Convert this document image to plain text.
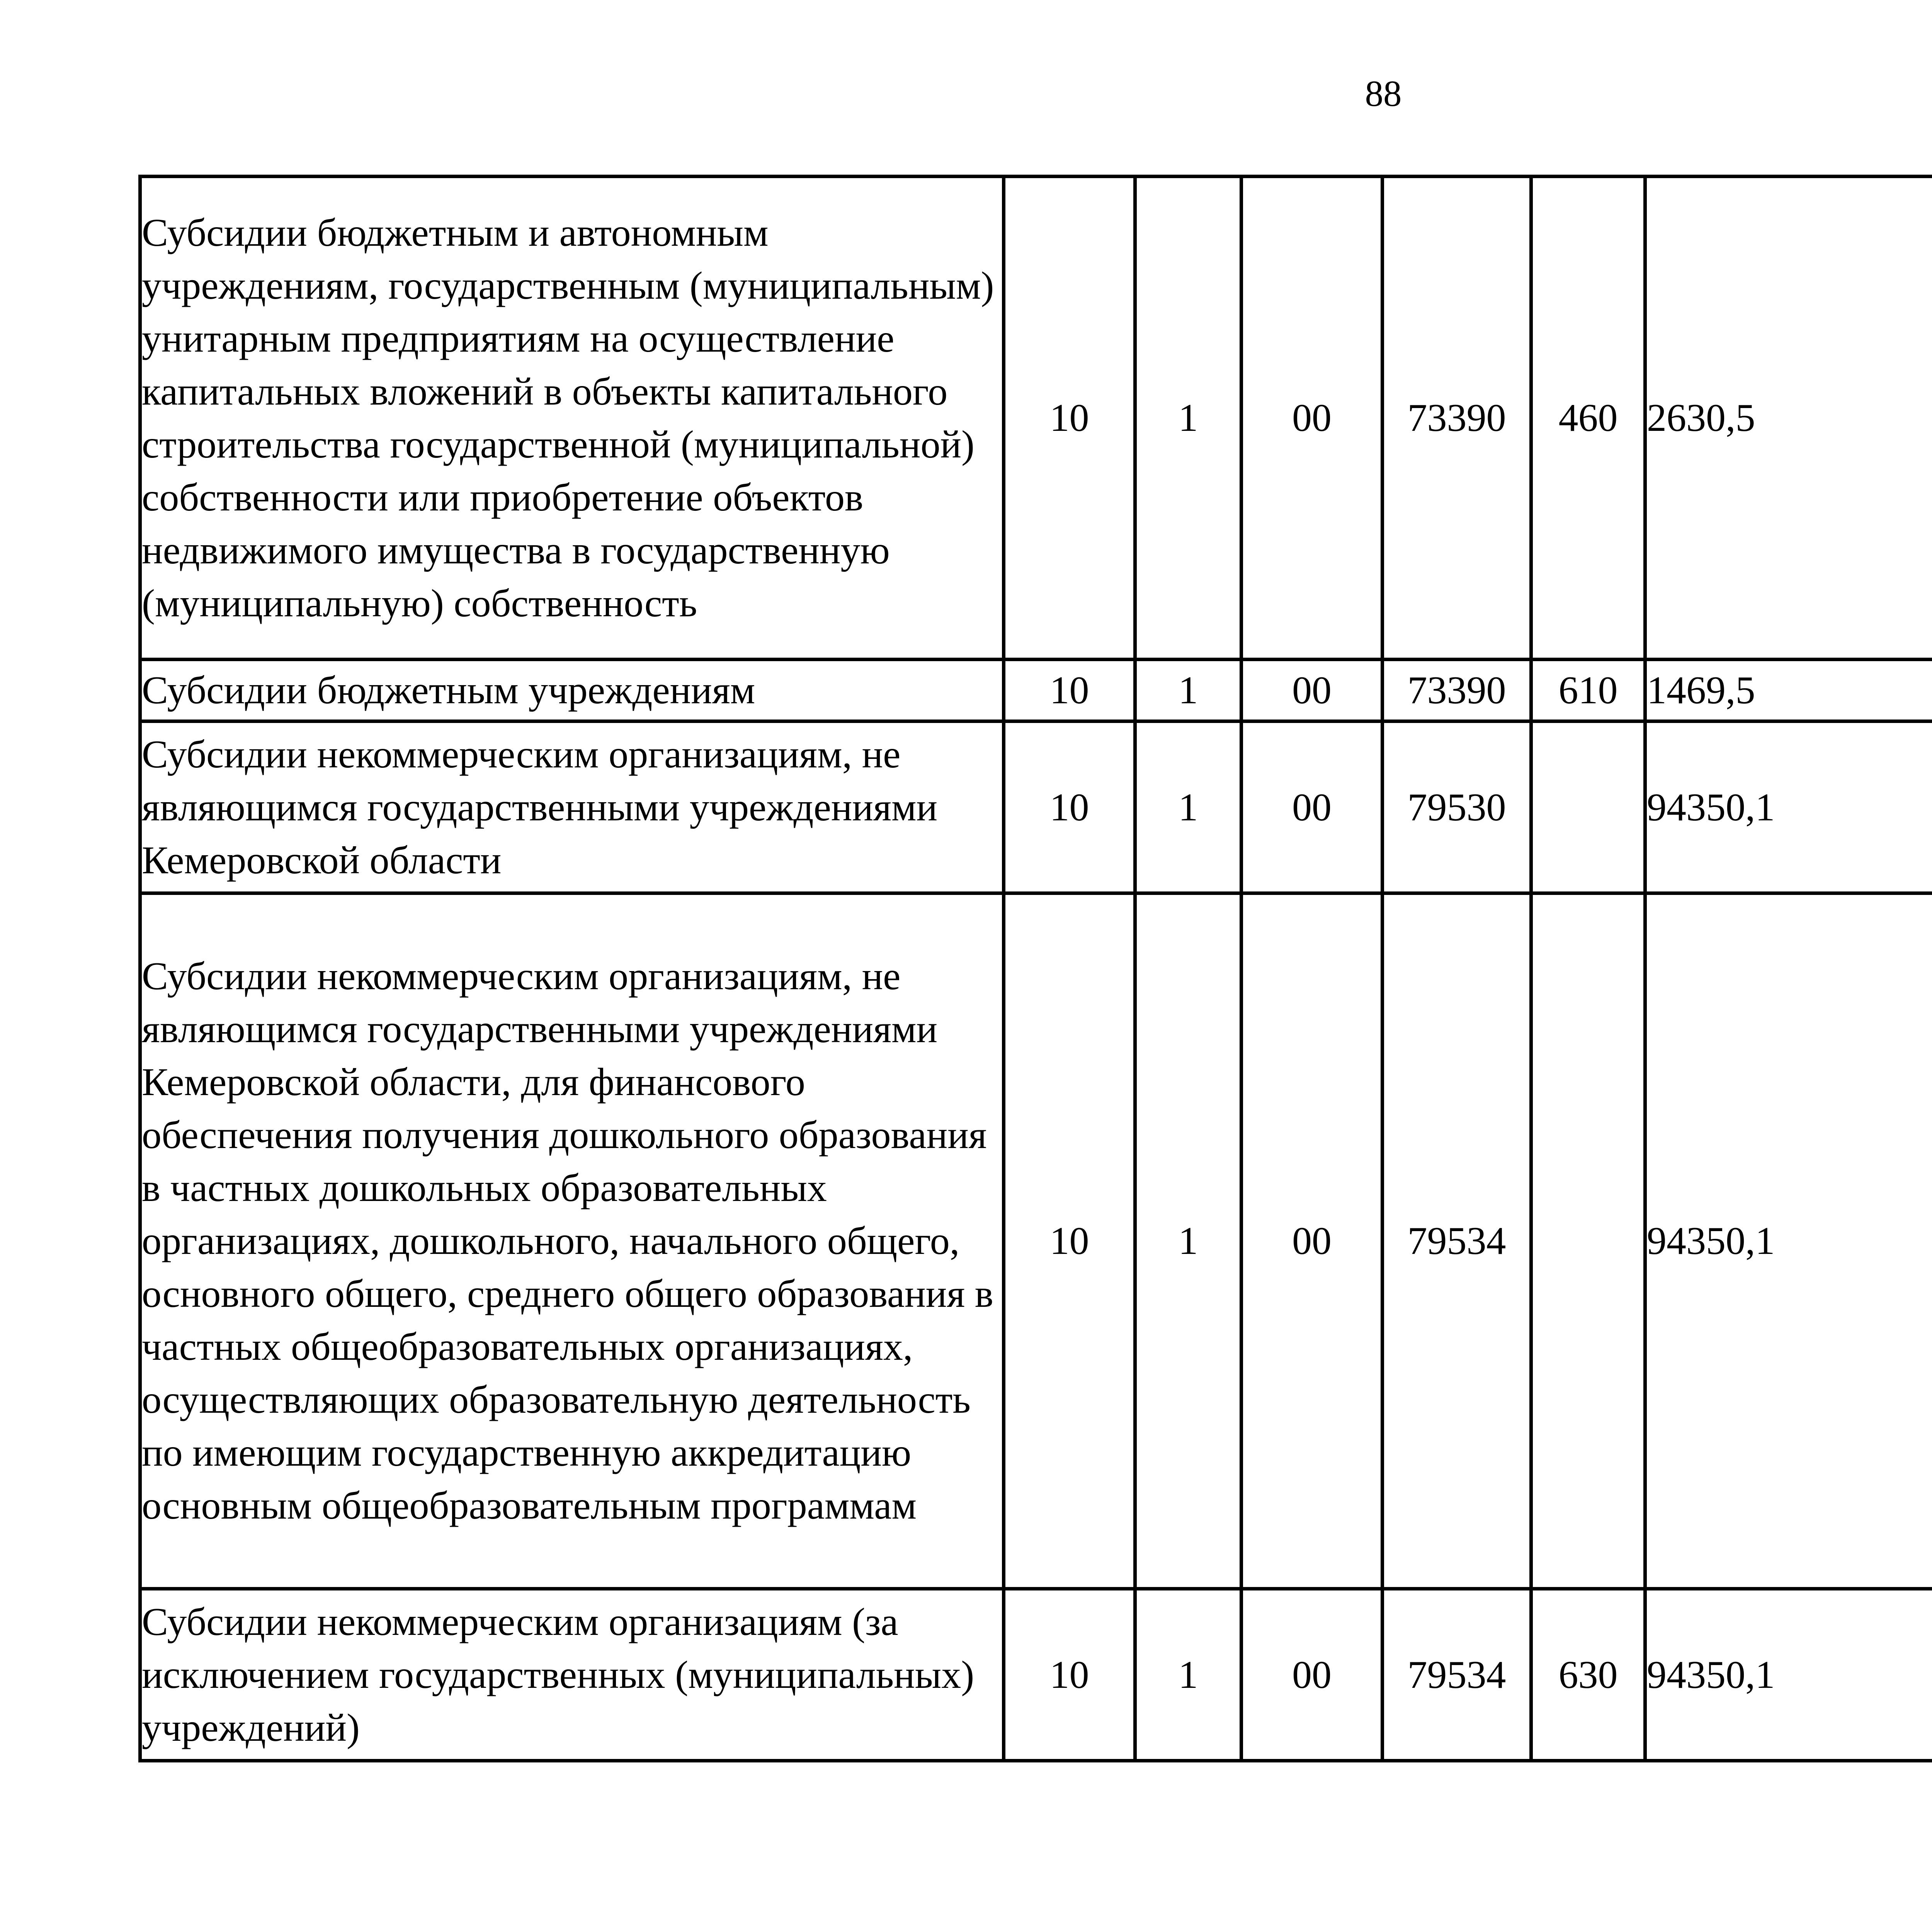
88
Субсидии бюджетным и автономным учреждениям, государственным (муниципальным) унитарным предприятиям на осуществление капитальных вложений в объекты капитального строительства государственной (муниципальной) собственности или приобретение объектов недвижимого имущества в государственную (муниципальную) собственность	10	1	00	73390	460	2630,5		
Субсидии бюджетным учреждениям	10	1	00	73390	610	1469,5		
Субсидии некоммерческим организациям, не являющимся государственными учреждениями Кемеровской области	10	1	00	79530		94350,1		
Субсидии некоммерческим организациям, не являющимся государственными учреждениями Кемеровской области, для финансового обеспечения получения дошкольного образования в частных дошкольных образовательных организациях, дошкольного, начального общего, основного общего, среднего общего образования в частных общеобразовательных организациях, осуществляющих образовательную деятельность по имеющим государственную аккредитацию основным общеобразовательным программам	10	1	00	79534		94350,1		
Субсидии некоммерческим организациям (за исключением государственных (муниципальных) учреждений)	10	1	00	79534	630	94350,1		
